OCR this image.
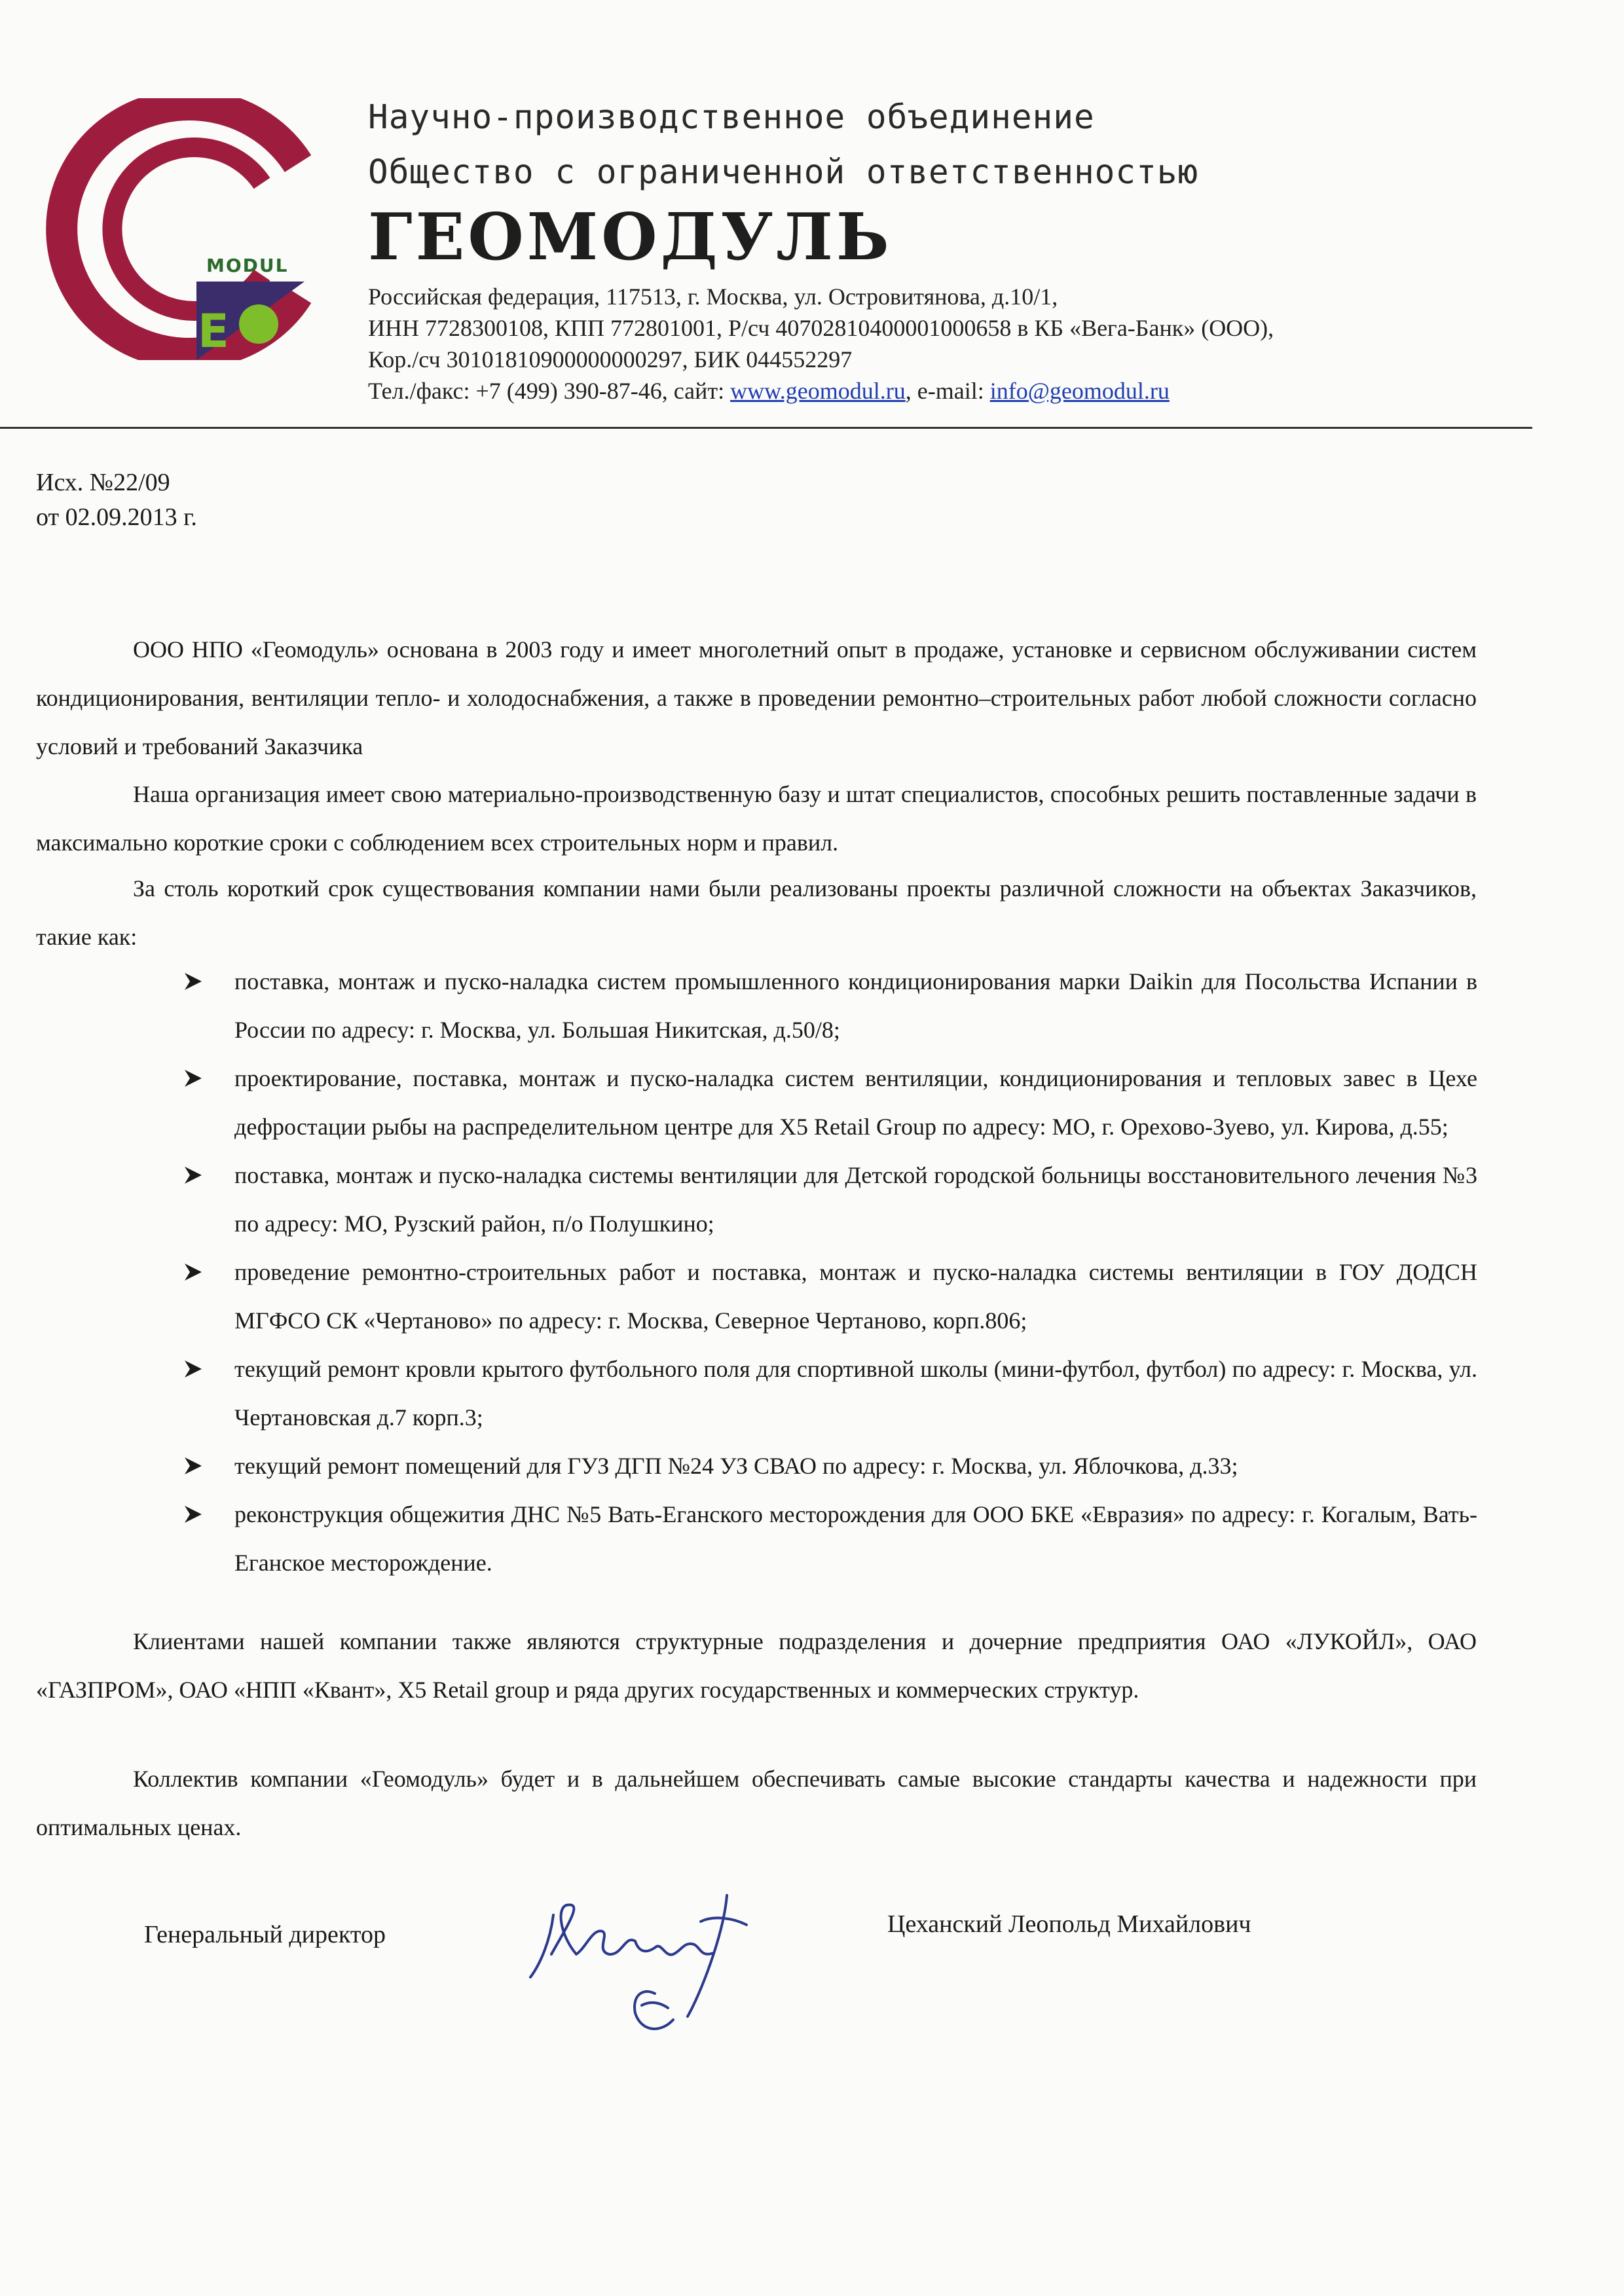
E
MODUL
Научно-производственное объединение
Общество с ограниченной ответственностью
ГЕОМОДУЛЬ
Российская федерация, 117513, г. Москва, ул. Островитянова, д.10/1,
ИНН 7728300108, КПП 772801001, Р/сч 40702810400001000658 в КБ «Вега-Банк» (ООО),
Кор./сч 30101810900000000297, БИК 044552297
Тел./факс: +7 (499) 390-87-46, сайт: www.geomodul.ru, e-mail: info@geomodul.ru
Исх. №22/09
от 02.09.2013 г.
ООО НПО «Геомодуль» основана в 2003 году и имеет многолетний опыт в продаже, установке и сервисном обслуживании систем кондиционирования, вентиляции тепло- и холодоснабжения, а также в проведении ремонтно–строительных работ любой сложности согласно условий и требований Заказчика
Наша организация имеет свою материально-производственную базу и штат специалистов, способных решить поставленные задачи в максимально короткие сроки с соблюдением всех строительных норм и правил.
За столь короткий срок существования компании нами были реализованы проекты различной сложности на объектах Заказчиков, такие как:
поставка, монтаж и пуско-наладка систем промышленного кондиционирования марки Daikin для Посольства Испании в России по адресу: г. Москва, ул. Большая Никитская, д.50/8;
проектирование, поставка, монтаж и пуско-наладка систем вентиляции, кондиционирования и тепловых завес в Цехе дефростации рыбы на распределительном центре для X5 Retail Group по адресу: МО, г. Орехово-Зуево, ул. Кирова, д.55;
поставка, монтаж и пуско-наладка системы вентиляции для Детской городской больницы восстановительного лечения №3 по адресу: МО, Рузский район, п/о Полушкино;
проведение ремонтно-строительных работ и поставка, монтаж и пуско-наладка системы вентиляции в ГОУ ДОДСН МГФСО СК «Чертаново» по адресу: г. Москва, Северное Чертаново, корп.806;
текущий ремонт кровли крытого футбольного поля для спортивной школы (мини-футбол, футбол) по адресу: г. Москва, ул. Чертановская д.7 корп.3;
текущий ремонт помещений для ГУЗ ДГП №24 УЗ СВАО по адресу: г. Москва, ул. Яблочкова, д.33;
реконструкция общежития ДНС №5 Вать-Еганского месторождения для ООО БКЕ «Евразия» по адресу: г. Когалым, Вать-Еганское месторождение.
Клиентами нашей компании также являются структурные подразделения и дочерние предприятия ОАО «ЛУКОЙЛ», ОАО «ГАЗПРОМ», ОАО «НПП «Квант», X5 Retail group и ряда других государственных и коммерческих структур.
Коллектив компании «Геомодуль» будет и в дальнейшем обеспечивать самые высокие стандарты качества и надежности при оптимальных ценах.
Генеральный директор	Цеханский Леопольд Михайлович
